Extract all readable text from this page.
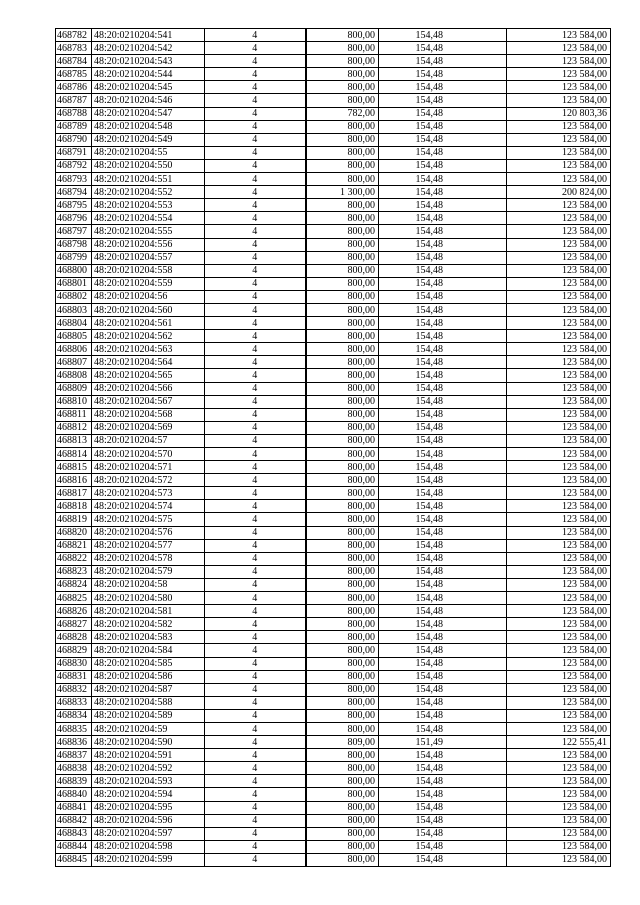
468782	48:20:0210204:541	4	800,00	154,48	123 584,00
468783	48:20:0210204:542	4	800,00	154,48	123 584,00
468784	48:20:0210204:543	4	800,00	154,48	123 584,00
468785	48:20:0210204:544	4	800,00	154,48	123 584,00
468786	48:20:0210204:545	4	800,00	154,48	123 584,00
468787	48:20:0210204:546	4	800,00	154,48	123 584,00
468788	48:20:0210204:547	4	782,00	154,48	120 803,36
468789	48:20:0210204:548	4	800,00	154,48	123 584,00
468790	48:20:0210204:549	4	800,00	154,48	123 584,00
468791	48:20:0210204:55	4	800,00	154,48	123 584,00
468792	48:20:0210204:550	4	800,00	154,48	123 584,00
468793	48:20:0210204:551	4	800,00	154,48	123 584,00
468794	48:20:0210204:552	4	1 300,00	154,48	200 824,00
468795	48:20:0210204:553	4	800,00	154,48	123 584,00
468796	48:20:0210204:554	4	800,00	154,48	123 584,00
468797	48:20:0210204:555	4	800,00	154,48	123 584,00
468798	48:20:0210204:556	4	800,00	154,48	123 584,00
468799	48:20:0210204:557	4	800,00	154,48	123 584,00
468800	48:20:0210204:558	4	800,00	154,48	123 584,00
468801	48:20:0210204:559	4	800,00	154,48	123 584,00
468802	48:20:0210204:56	4	800,00	154,48	123 584,00
468803	48:20:0210204:560	4	800,00	154,48	123 584,00
468804	48:20:0210204:561	4	800,00	154,48	123 584,00
468805	48:20:0210204:562	4	800,00	154,48	123 584,00
468806	48:20:0210204:563	4	800,00	154,48	123 584,00
468807	48:20:0210204:564	4	800,00	154,48	123 584,00
468808	48:20:0210204:565	4	800,00	154,48	123 584,00
468809	48:20:0210204:566	4	800,00	154,48	123 584,00
468810	48:20:0210204:567	4	800,00	154,48	123 584,00
468811	48:20:0210204:568	4	800,00	154,48	123 584,00
468812	48:20:0210204:569	4	800,00	154,48	123 584,00
468813	48:20:0210204:57	4	800,00	154,48	123 584,00
468814	48:20:0210204:570	4	800,00	154,48	123 584,00
468815	48:20:0210204:571	4	800,00	154,48	123 584,00
468816	48:20:0210204:572	4	800,00	154,48	123 584,00
468817	48:20:0210204:573	4	800,00	154,48	123 584,00
468818	48:20:0210204:574	4	800,00	154,48	123 584,00
468819	48:20:0210204:575	4	800,00	154,48	123 584,00
468820	48:20:0210204:576	4	800,00	154,48	123 584,00
468821	48:20:0210204:577	4	800,00	154,48	123 584,00
468822	48:20:0210204:578	4	800,00	154,48	123 584,00
468823	48:20:0210204:579	4	800,00	154,48	123 584,00
468824	48:20:0210204:58	4	800,00	154,48	123 584,00
468825	48:20:0210204:580	4	800,00	154,48	123 584,00
468826	48:20:0210204:581	4	800,00	154,48	123 584,00
468827	48:20:0210204:582	4	800,00	154,48	123 584,00
468828	48:20:0210204:583	4	800,00	154,48	123 584,00
468829	48:20:0210204:584	4	800,00	154,48	123 584,00
468830	48:20:0210204:585	4	800,00	154,48	123 584,00
468831	48:20:0210204:586	4	800,00	154,48	123 584,00
468832	48:20:0210204:587	4	800,00	154,48	123 584,00
468833	48:20:0210204:588	4	800,00	154,48	123 584,00
468834	48:20:0210204:589	4	800,00	154,48	123 584,00
468835	48:20:0210204:59	4	800,00	154,48	123 584,00
468836	48:20:0210204:590	4	809,00	151,49	122 555,41
468837	48:20:0210204:591	4	800,00	154,48	123 584,00
468838	48:20:0210204:592	4	800,00	154,48	123 584,00
468839	48:20:0210204:593	4	800,00	154,48	123 584,00
468840	48:20:0210204:594	4	800,00	154,48	123 584,00
468841	48:20:0210204:595	4	800,00	154,48	123 584,00
468842	48:20:0210204:596	4	800,00	154,48	123 584,00
468843	48:20:0210204:597	4	800,00	154,48	123 584,00
468844	48:20:0210204:598	4	800,00	154,48	123 584,00
468845	48:20:0210204:599	4	800,00	154,48	123 584,00
